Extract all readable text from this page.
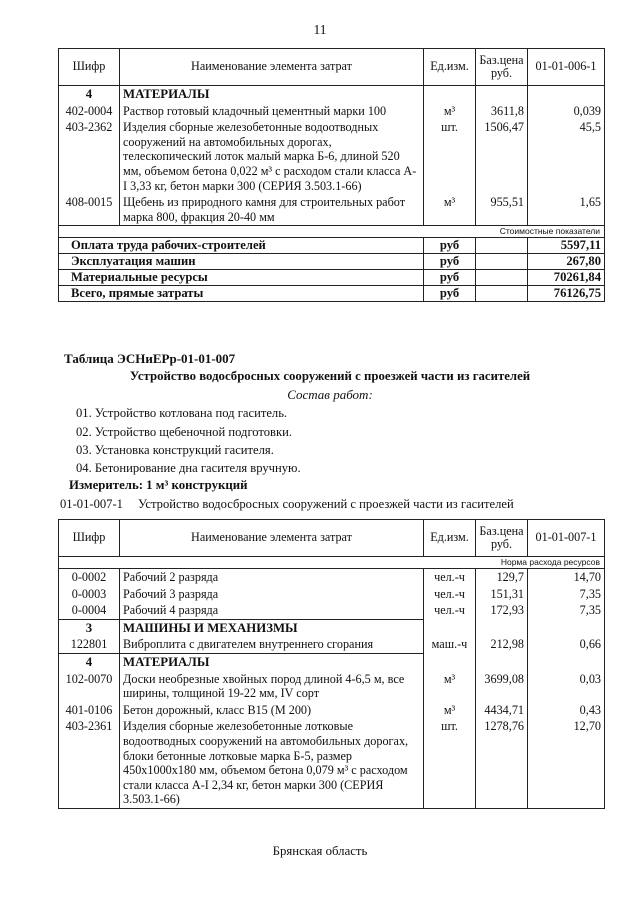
11
Шифр	Наименование элемента затрат	Ед.изм.	Баз.цена руб.	01-01-006-1
4	МАТЕРИАЛЫ			
402-0004	Раствор готовый кладочный цементный марки 100	м³	3611,8	0,039
403-2362	Изделия сборные железобетонные водоотводных сооружений на автомобильных дорогах, телескопический лоток малый марка Б-6, длиной 520 мм, объемом бетона 0,022 м³ с расходом стали класса А-I 3,33 кг, бетон марки 300 (СЕРИЯ 3.503.1-66)	шт.	1506,47	45,5
408-0015	Щебень из природного камня для строительных работ марка 800, фракция 20-40 мм	м³	955,51	1,65
Стоимостные показатели				
Оплата труда рабочих-строителей		руб		5597,11
Эксплуатация машин		руб		267,80
Материальные ресурсы		руб		70261,84
Всего, прямые затраты		руб		76126,75
Таблица ЭСНиЕРр-01-01-007
Устройство водосбросных сооружений с проезжей части из гасителей
Состав работ:
01. Устройство котлована под гаситель.
02. Устройство щебеночной подготовки.
03. Установка конструкций гасителя.
04. Бетонирование дна гасителя вручную.
Измеритель: 1 м³ конструкций
01-01-007-1 Устройство водосбросных сооружений с проезжей части из гасителей
Шифр	Наименование элемента затрат	Ед.изм.	Баз.цена руб.	01-01-007-1
Норма расхода ресурсов				
0-0002	Рабочий 2 разряда	чел.-ч	129,7	14,70
0-0003	Рабочий 3 разряда	чел.-ч	151,31	7,35
0-0004	Рабочий 4 разряда	чел.-ч	172,93	7,35
3	МАШИНЫ И МЕХАНИЗМЫ			
122801	Виброплита с двигателем внутреннего сгорания	маш.-ч	212,98	0,66
4	МАТЕРИАЛЫ			
102-0070	Доски необрезные хвойных пород длиной 4-6,5 м, все ширины, толщиной 19-22 мм, IV сорт	м³	3699,08	0,03
401-0106	Бетон дорожный, класс В15 (М 200)	м³	4434,71	0,43
403-2361	Изделия сборные железобетонные лотковые водоотводных сооружений на автомобильных дорогах, блоки бетонные лотковые марка Б-5, размер 450х1000х180 мм, объемом бетона 0,079 м³ с расходом стали класса А-I 2,34 кг, бетон марки 300 (СЕРИЯ 3.503.1-66)	шт.	1278,76	12,70
Брянская область
